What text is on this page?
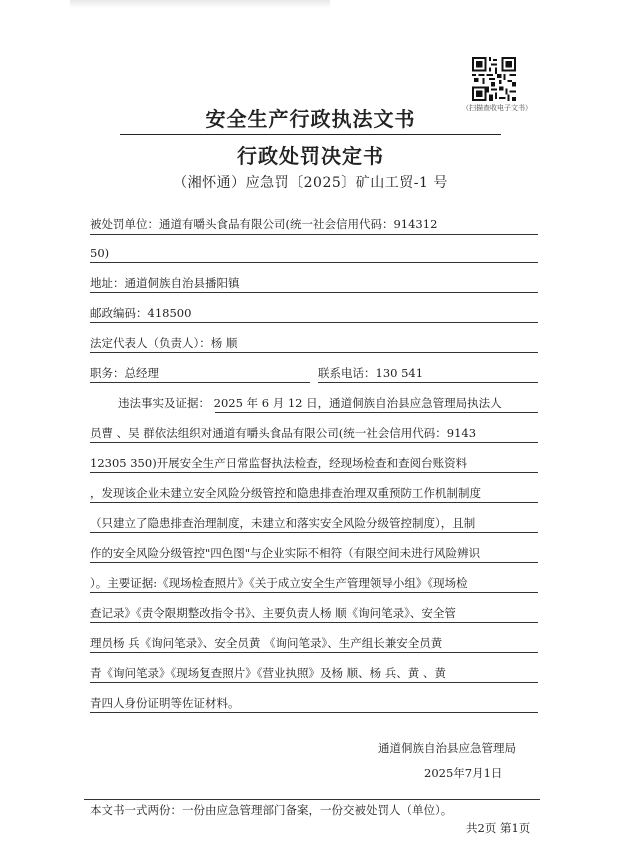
（扫描查收电子文书）
安全生产行政执法文书
行政处罚决定书
（湘怀通）应急罚〔2025〕矿山工贸-1 号
被处罚单位：通道有嚼头食品有限公司(统一社会信用代码：914312
50)
地址：通道侗族自治县播阳镇
邮政编码：418500
法定代表人（负责人）：杨 顺
职务：总经理	联系电话：130 541
违法事实及证据： 2025 年 6 月 12 日，通道侗族自治县应急管理局执法人
员曹 、吴 群依法组织对通道有嚼头食品有限公司(统一社会信用代码：9143
12305 350)开展安全生产日常监督执法检查，经现场检查和查阅台账资料
，发现该企业未建立安全风险分级管控和隐患排查治理双重预防工作机制制度
（只建立了隐患排查治理制度，未建立和落实安全风险分级管控制度），且制
作的安全风险分级管控"四色图"与企业实际不相符（有限空间未进行风险辨识
）。主要证据:《现场检查照片》《关于成立安全生产管理领导小组》《现场检
查记录》《责令限期整改指令书》、主要负责人杨 顺《询问笔录》、安全管
理员杨 兵《询问笔录》、安全员黄 《询问笔录》、生产组长兼安全员黄
青《询问笔录》《现场复查照片》《营业执照》及杨 顺、杨 兵、黄 、黄
青四人身份证明等佐证材料。
通道侗族自治县应急管理局
2025年7月1日
本文书一式两份：一份由应急管理部门备案，一份交被处罚人（单位）。
共2页 第1页
